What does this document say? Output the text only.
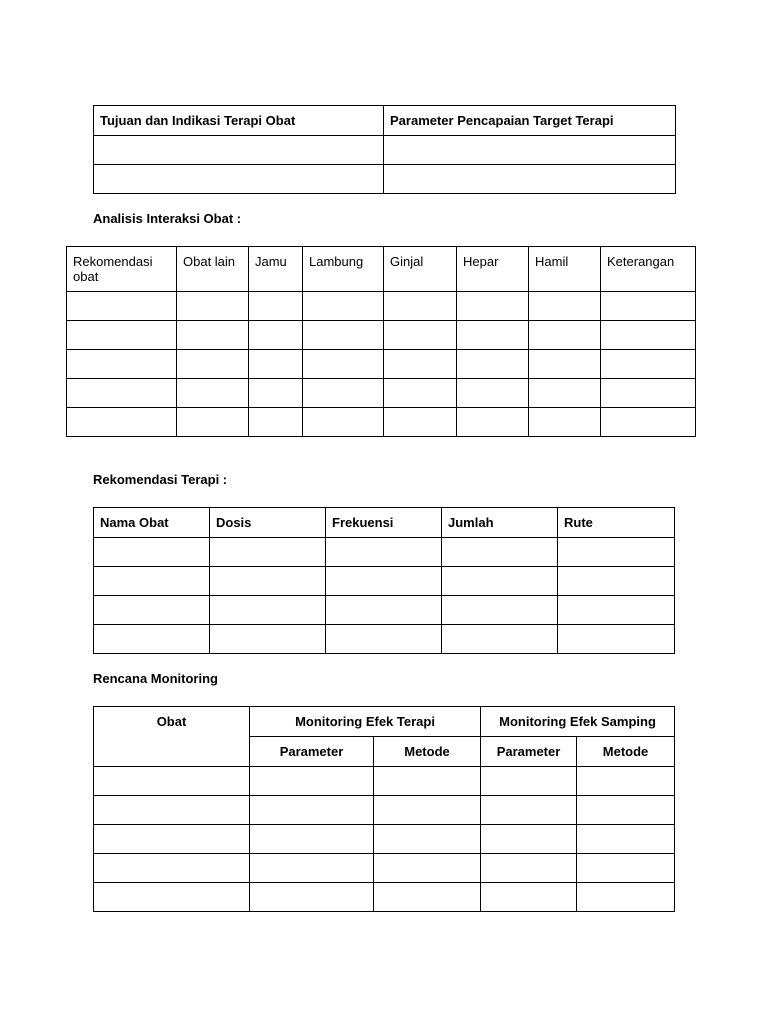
Tujuan dan Indikasi Terapi Obat	Parameter Pencapaian Target Terapi

Analisis Interaksi Obat :
Rekomendasi obat	Obat lain	Jamu	Lambung	Ginjal	Hepar	Hamil	Keterangan

Rekomendasi Terapi :
Nama Obat	Dosis	Frekuensi	Jumlah	Rute

Rencana Monitoring
Obat	Monitoring Efek Terapi		Monitoring Efek Samping	
	Parameter	Metode	Parameter	Metode
